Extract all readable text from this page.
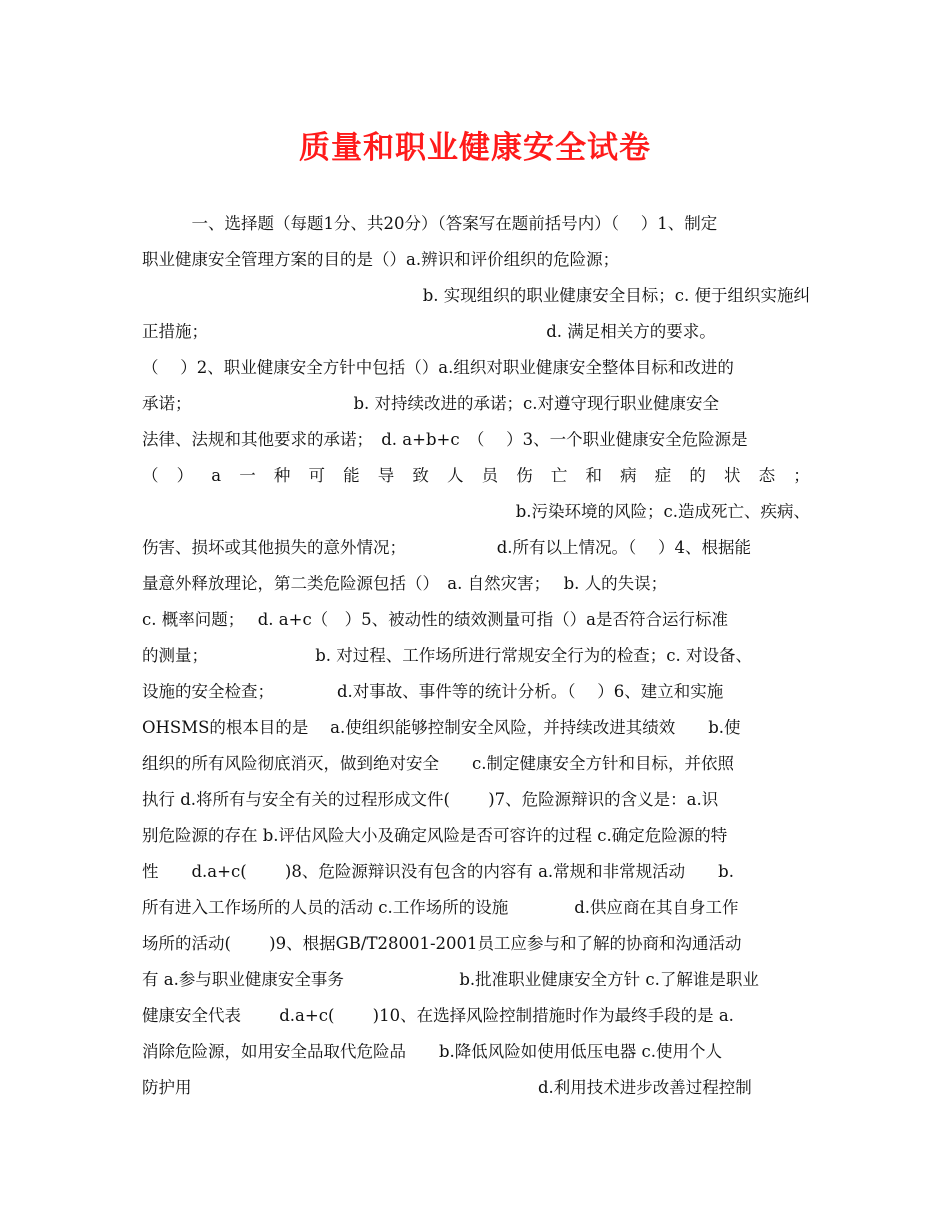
质量和职业健康安全试卷
　　　一、选择题（每题1分、共20分）（答案写在题前括号内）（　 ）1、制定
职业健康安全管理方案的目的是（）a.辨识和评价组织的危险源；
b. 实现组织的职业健康安全目标；c. 便于组织实施纠
正措施；　　　　　　　　　　　　　　　　　　　　　d. 满足相关方的要求。
（　 ）2、职业健康安全方针中包括（）a.组织对职业健康安全整体目标和改进的
承诺；　　　　　　　　　　 b. 对持续改进的承诺；c.对遵守现行职业健康安全
法律、法规和其他要求的承诺；　d. a+b+c　（　 ）3、一个职业健康安全危险源是
（ ） a 一 种 可 能 导 致 人 员 伤 亡 和 病 症 的 状 态 ；
b.污染环境的风险；c.造成死亡、疾病、
伤害、损坏或其他损失的意外情况；　　　　　　d.所有以上情况。（　 ）4、根据能
量意外释放理论，第二类危险源包括（）　a. 自然灾害；　 b. 人的失误；
c. 概率问题；　 d. a+c（　）5、被动性的绩效测量可指（）a是否符合运行标准
的测量；　　　　　　　b. 对过程、工作场所进行常规安全行为的检查；c. 对设备、
设施的安全检查；　　　　 d.对事故、事件等的统计分析。（　 ）6、建立和实施
OHSMS的根本目的是　 a.使组织能够控制安全风险，并持续改进其绩效　　b.使
组织的所有风险彻底消灭，做到绝对安全　　c.制定健康安全方针和目标，并依照
执行 d.将所有与安全有关的过程形成文件(　　 )7、危险源辩识的含义是：a.识
别危险源的存在 b.评估风险大小及确定风险是否可容许的过程 c.确定危险源的特
性　　d.a+c(　　 )8、危险源辩识没有包含的内容有 a.常规和非常规活动　　b.
所有进入工作场所的人员的活动 c.工作场所的设施　　　　d.供应商在其自身工作
场所的活动(　　 )9、根据GB/T28001-2001员工应参与和了解的协商和沟通活动
有 a.参与职业健康安全事务　　　　　　　b.批准职业健康安全方针 c.了解谁是职业
健康安全代表　　 d.a+c(　　 )10、在选择风险控制措施时作为最终手段的是 a.
消除危险源，如用安全品取代危险品　　b.降低风险如使用低压电器 c.使用个人
防护用　　　　　　　　　　　　　　　　　　　　　d.利用技术进步改善过程控制
